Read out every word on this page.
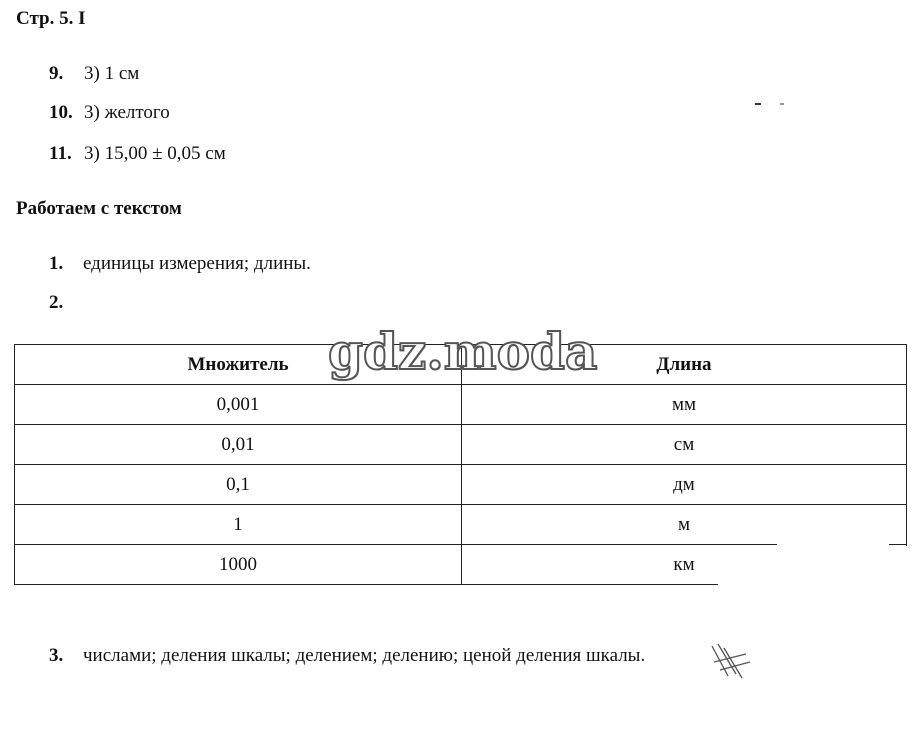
Стр. 5. I
9. 3) 1 см
10. 3) желтого
11. 3) 15,00 ± 0,05 см
Работаем с текстом
1. единицы измерения; длины.
2.
Множитель	Длина
0,001	мм
0,01	см
0,1	дм
1	м
1000	км
gdz.moda
3. числами; деления шкалы; делением; делению; ценой деления шкалы.
